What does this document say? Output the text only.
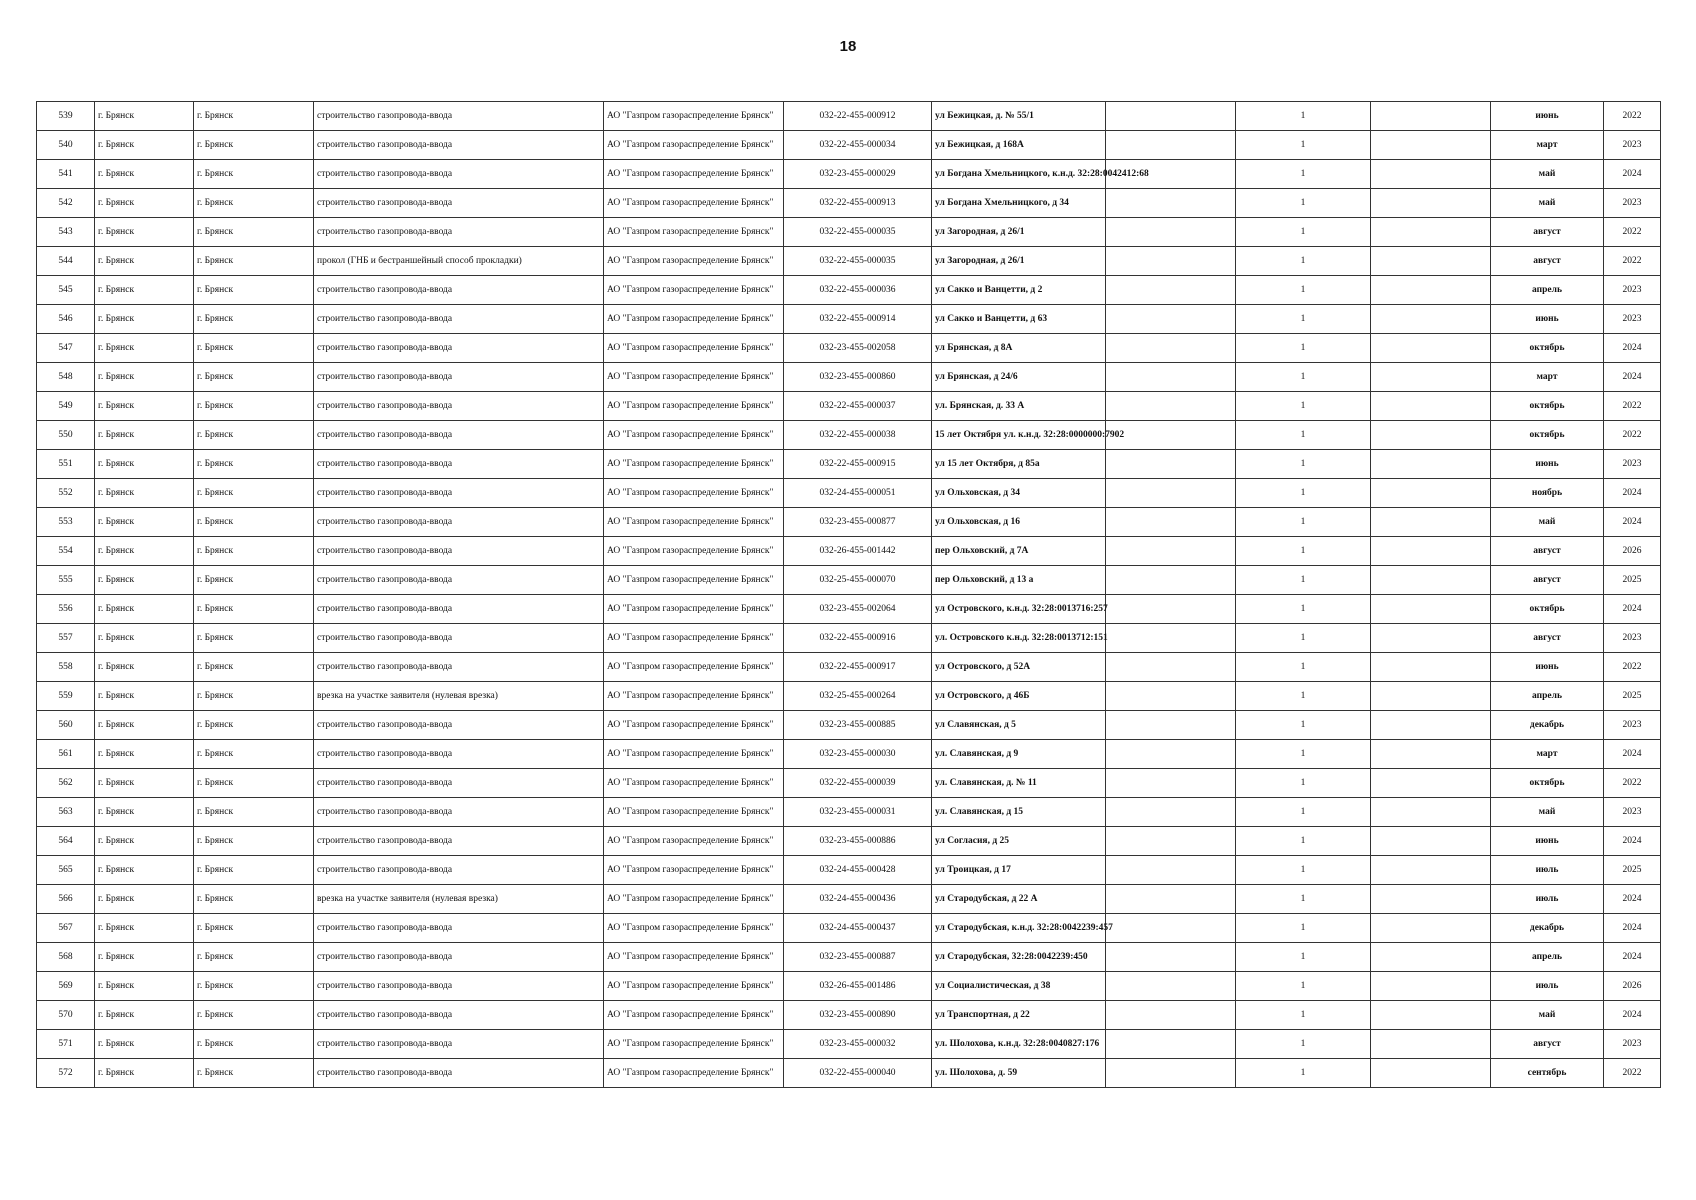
18
539	г. Брянск	г. Брянск	строительство газопровода-ввода	АО "Газпром газораспределение Брянск"	032-22-455-000912	ул Бежицкая, д. № 55/1		1		июнь	2022
540	г. Брянск	г. Брянск	строительство газопровода-ввода	АО "Газпром газораспределение Брянск"	032-22-455-000034	ул Бежицкая, д 168А		1		март	2023
541	г. Брянск	г. Брянск	строительство газопровода-ввода	АО "Газпром газораспределение Брянск"	032-23-455-000029	ул Богдана Хмельницкого, к.н.д. 32:28:0042412:68		1		май	2024
542	г. Брянск	г. Брянск	строительство газопровода-ввода	АО "Газпром газораспределение Брянск"	032-22-455-000913	ул Богдана Хмельницкого, д 34		1		май	2023
543	г. Брянск	г. Брянск	строительство газопровода-ввода	АО "Газпром газораспределение Брянск"	032-22-455-000035	ул Загородная, д 26/1		1		август	2022
544	г. Брянск	г. Брянск	прокол (ГНБ и бестраншейный способ прокладки)	АО "Газпром газораспределение Брянск"	032-22-455-000035	ул Загородная, д 26/1		1		август	2022
545	г. Брянск	г. Брянск	строительство газопровода-ввода	АО "Газпром газораспределение Брянск"	032-22-455-000036	ул Сакко и Ванцетти, д 2		1		апрель	2023
546	г. Брянск	г. Брянск	строительство газопровода-ввода	АО "Газпром газораспределение Брянск"	032-22-455-000914	ул Сакко и Ванцетти, д 63		1		июнь	2023
547	г. Брянск	г. Брянск	строительство газопровода-ввода	АО "Газпром газораспределение Брянск"	032-23-455-002058	ул Брянская, д 8А		1		октябрь	2024
548	г. Брянск	г. Брянск	строительство газопровода-ввода	АО "Газпром газораспределение Брянск"	032-23-455-000860	ул Брянская, д 24/6		1		март	2024
549	г. Брянск	г. Брянск	строительство газопровода-ввода	АО "Газпром газораспределение Брянск"	032-22-455-000037	ул. Брянская, д. 33 А		1		октябрь	2022
550	г. Брянск	г. Брянск	строительство газопровода-ввода	АО "Газпром газораспределение Брянск"	032-22-455-000038	15 лет Октября ул. к.н.д. 32:28:0000000:7902		1		октябрь	2022
551	г. Брянск	г. Брянск	строительство газопровода-ввода	АО "Газпром газораспределение Брянск"	032-22-455-000915	ул 15 лет Октября, д 85а		1		июнь	2023
552	г. Брянск	г. Брянск	строительство газопровода-ввода	АО "Газпром газораспределение Брянск"	032-24-455-000051	ул Ольховская, д 34		1		ноябрь	2024
553	г. Брянск	г. Брянск	строительство газопровода-ввода	АО "Газпром газораспределение Брянск"	032-23-455-000877	ул Ольховская, д 16		1		май	2024
554	г. Брянск	г. Брянск	строительство газопровода-ввода	АО "Газпром газораспределение Брянск"	032-26-455-001442	пер Ольховский, д 7А		1		август	2026
555	г. Брянск	г. Брянск	строительство газопровода-ввода	АО "Газпром газораспределение Брянск"	032-25-455-000070	пер Ольховский, д 13 а		1		август	2025
556	г. Брянск	г. Брянск	строительство газопровода-ввода	АО "Газпром газораспределение Брянск"	032-23-455-002064	ул Островского, к.н.д. 32:28:0013716:257		1		октябрь	2024
557	г. Брянск	г. Брянск	строительство газопровода-ввода	АО "Газпром газораспределение Брянск"	032-22-455-000916	ул. Островского к.н.д. 32:28:0013712:151		1		август	2023
558	г. Брянск	г. Брянск	строительство газопровода-ввода	АО "Газпром газораспределение Брянск"	032-22-455-000917	ул Островского, д 52А		1		июнь	2022
559	г. Брянск	г. Брянск	врезка на участке заявителя (нулевая врезка)	АО "Газпром газораспределение Брянск"	032-25-455-000264	ул Островского, д 46Б		1		апрель	2025
560	г. Брянск	г. Брянск	строительство газопровода-ввода	АО "Газпром газораспределение Брянск"	032-23-455-000885	ул Славянская, д 5		1		декабрь	2023
561	г. Брянск	г. Брянск	строительство газопровода-ввода	АО "Газпром газораспределение Брянск"	032-23-455-000030	ул. Славянская, д 9		1		март	2024
562	г. Брянск	г. Брянск	строительство газопровода-ввода	АО "Газпром газораспределение Брянск"	032-22-455-000039	ул. Славянская, д. № 11		1		октябрь	2022
563	г. Брянск	г. Брянск	строительство газопровода-ввода	АО "Газпром газораспределение Брянск"	032-23-455-000031	ул. Славянская, д 15		1		май	2023
564	г. Брянск	г. Брянск	строительство газопровода-ввода	АО "Газпром газораспределение Брянск"	032-23-455-000886	ул Согласия, д 25		1		июнь	2024
565	г. Брянск	г. Брянск	строительство газопровода-ввода	АО "Газпром газораспределение Брянск"	032-24-455-000428	ул Троицкая, д 17		1		июль	2025
566	г. Брянск	г. Брянск	врезка на участке заявителя (нулевая врезка)	АО "Газпром газораспределение Брянск"	032-24-455-000436	ул Стародубская, д 22 А		1		июль	2024
567	г. Брянск	г. Брянск	строительство газопровода-ввода	АО "Газпром газораспределение Брянск"	032-24-455-000437	ул Стародубская, к.н.д. 32:28:0042239:457		1		декабрь	2024
568	г. Брянск	г. Брянск	строительство газопровода-ввода	АО "Газпром газораспределение Брянск"	032-23-455-000887	ул Стародубская, 32:28:0042239:450		1		апрель	2024
569	г. Брянск	г. Брянск	строительство газопровода-ввода	АО "Газпром газораспределение Брянск"	032-26-455-001486	ул Социалистическая, д 38		1		июль	2026
570	г. Брянск	г. Брянск	строительство газопровода-ввода	АО "Газпром газораспределение Брянск"	032-23-455-000890	ул Транспортная, д 22		1		май	2024
571	г. Брянск	г. Брянск	строительство газопровода-ввода	АО "Газпром газораспределение Брянск"	032-23-455-000032	ул. Шолохова, к.н.д. 32:28:0040827:176		1		август	2023
572	г. Брянск	г. Брянск	строительство газопровода-ввода	АО "Газпром газораспределение Брянск"	032-22-455-000040	ул. Шолохова, д. 59		1		сентябрь	2022
